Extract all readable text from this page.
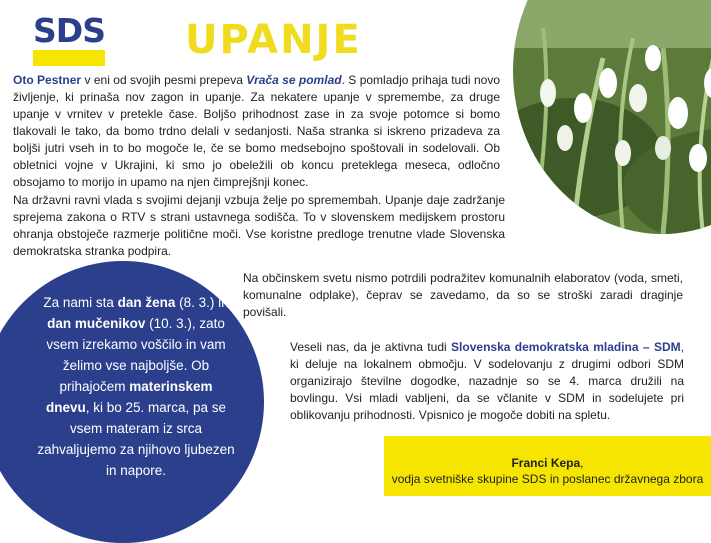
SDS UPANJE

Oto Pestner v eni od svojih pesmi prepeva Vrača se pomlad. S pomladjo prihaja tudi novo življenje, ki prinaša nov zagon in upanje. Za nekatere upanje v spremembe, za druge upanje v vrnitev v pretekle čase. Boljšo prihodnost zase in za svoje potomce si bomo tlakovali le tako, da bomo trdno delali v sedanjosti. Naša stranka si iskreno prizadeva za boljši jutri vseh in to bo mogoče le, če se bomo medsebojno spoštovali in sodelovali. Ob obletnici vojne v Ukrajini, ki smo jo obeležili ob koncu preteklega meseca, odločno obsojamo to morijo in upamo na njen čimprejšnji konec.

Na državni ravni vlada s svojimi dejanji vzbuja želje po spremembah. Upanje daje zadržanje sprejema zakona o RTV s strani ustavnega sodišča. To v slovenskem medijskem prostoru ohranja obstoječe razmerje politične moči. Vse koristne predloge trenutne vlade Slovenska demokratska stranka podpira.

Na občinskem svetu nismo potrdili podražitev komunalnih elaboratov (voda, smeti, komunalne odplake), čeprav se zavedamo, da so se stroški zaradi draginje povišali.

Veseli nas, da je aktivna tudi Slovenska demokratska mladina – SDM, ki deluje na lokalnem območju. V sodelovanju z drugimi odbori SDM organizirajo številne dogodke, nazadnje so se 4. marca družili na bovlingu. Vsi mladi vabljeni, da se včlanite v SDM in sodelujete pri oblikovanju prihodnosti. Vpisnico je mogoče dobiti na spletu.

Za nami sta dan žena (8. 3.) in dan mučenikov (10. 3.), zato vsem izrekamo voščilo in vam želimo vse najboljše. Ob prihajočem materinskem dnevu, ki bo 25. marca, pa se vsem materam iz srca zahvaljujemo za njihovo ljubezen in napore.	Franci Kepa,
vodja svetniške skupine SDS in poslanec državnega zbora
